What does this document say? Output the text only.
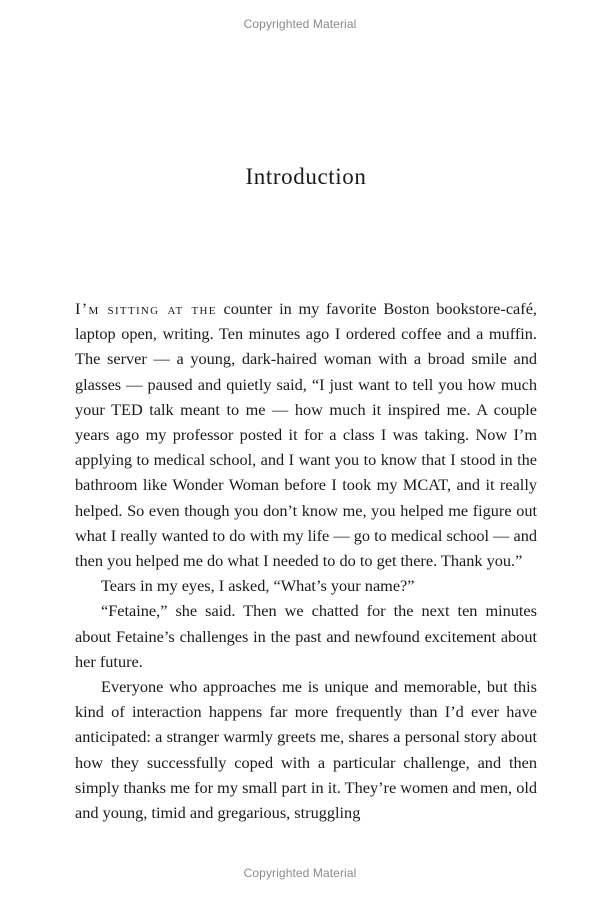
Copyrighted Material
Introduction

I’m sitting at the counter in my favorite Boston bookstore-café, laptop open, writing. Ten minutes ago I ordered coffee and a muffin. The server — a young, dark-haired woman with a broad smile and glasses — paused and quietly said, “I just want to tell you how much your TED talk meant to me — how much it inspired me. A couple years ago my professor posted it for a class I was taking. Now I’m applying to medical school, and I want you to know that I stood in the bathroom like Wonder Woman before I took my MCAT, and it really helped. So even though you don’t know me, you helped me figure out what I really wanted to do with my life — go to medical school — and then you helped me do what I needed to do to get there. Thank you.”

Tears in my eyes, I asked, “What’s your name?”

“Fetaine,” she said. Then we chatted for the next ten minutes about Fetaine’s challenges in the past and newfound excitement about her future.

Everyone who approaches me is unique and memorable, but this kind of interaction happens far more frequently than I’d ever have anticipated: a stranger warmly greets me, shares a personal story about how they successfully coped with a particular challenge, and then simply thanks me for my small part in it. They’re women and men, old and young, timid and gregarious, struggling

Copyrighted Material
